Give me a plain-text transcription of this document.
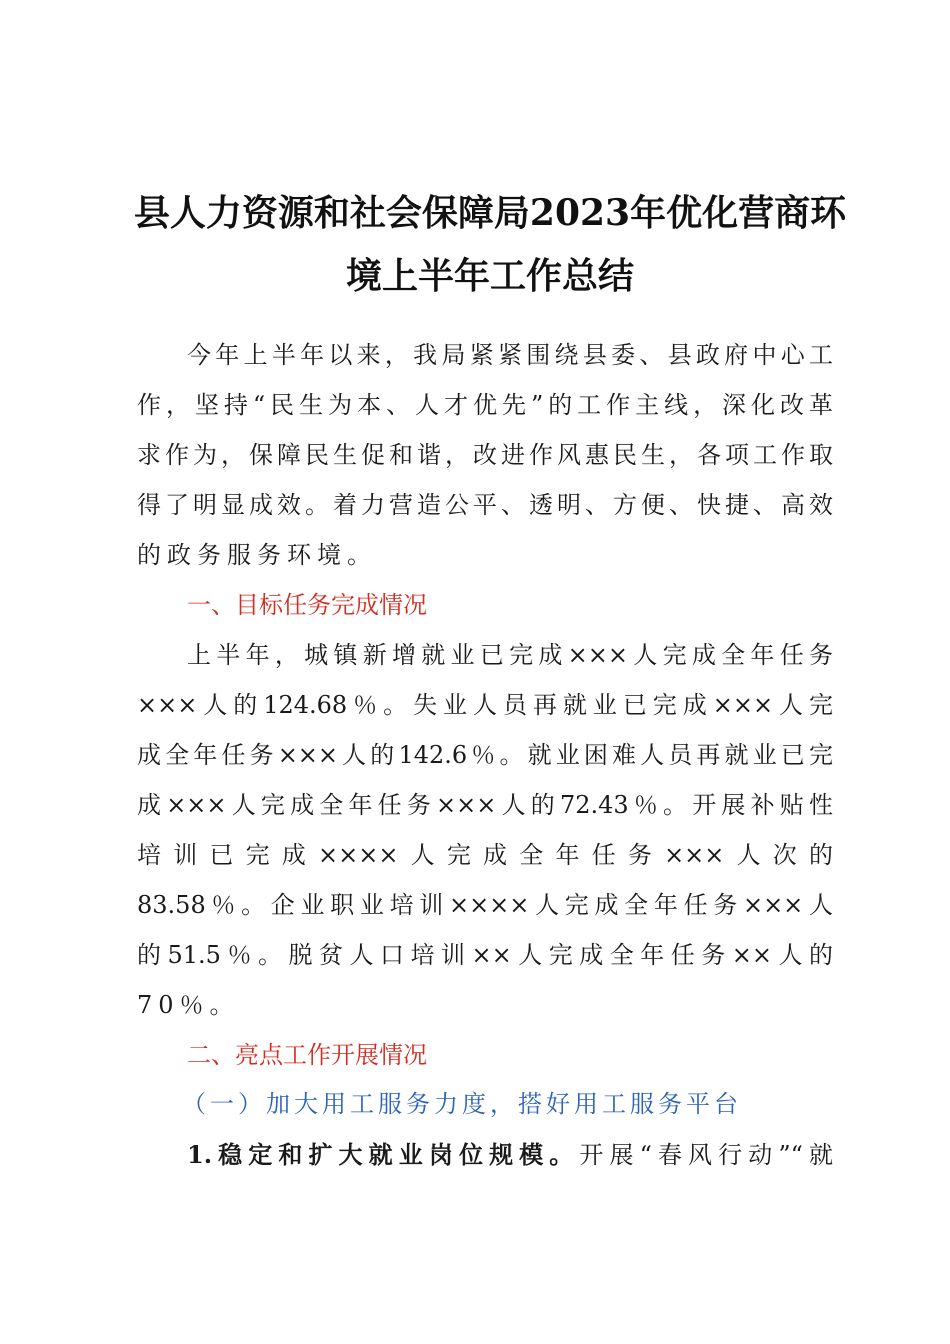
县人力资源和社会保障局2023年优化营商环
境上半年工作总结
今年上半年以来，我局紧紧围绕县委、县政府中心工
作，坚持“民生为本、人才优先”的工作主线，深化改革
求作为，保障民生促和谐，改进作风惠民生，各项工作取
得了明显成效。着力营造公平、透明、方便、快捷、高效
的政务服务环境。
一、目标任务完成情况
上半年，城镇新增就业已完成×××人完成全年任务
×××人的124.68％。失业人员再就业已完成×××人完
成全年任务×××人的142.6％。就业困难人员再就业已完
成×××人完成全年任务×××人的72.43％。开展补贴性
培训已完成××××人完成全年任务×××人次的
83.58％。企业职业培训××××人完成全年任务×××人
的51.5％。脱贫人口培训××人完成全年任务××人的
70％。
二、亮点工作开展情况
（一）加大用工服务力度，搭好用工服务平台
1.稳定和扩大就业岗位规模。开展“春风行动”“就
